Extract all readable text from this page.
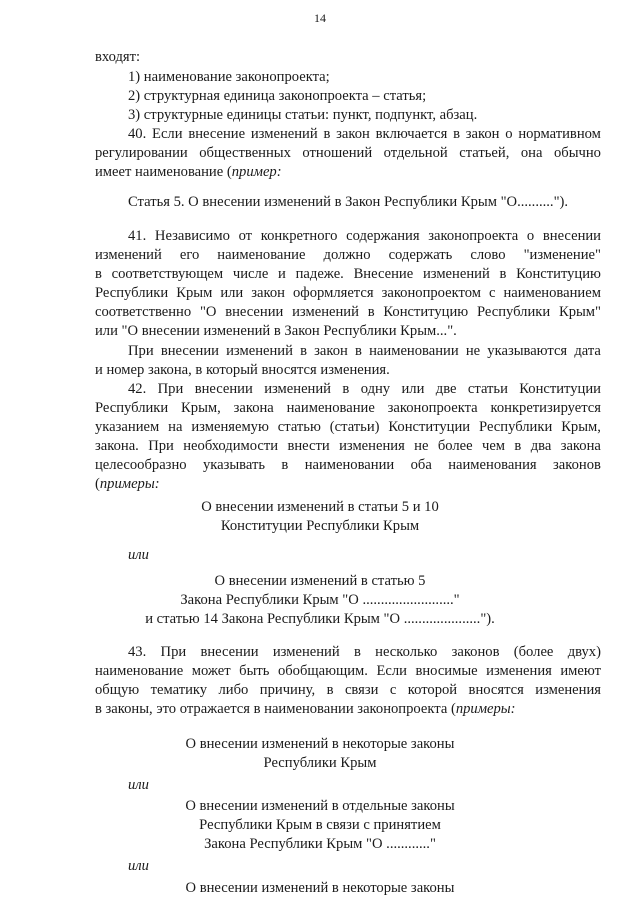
14
входят:
1) наименование законопроекта;
2) структурная единица законопроекта – статья;
3) структурные единицы статьи: пункт, подпункт, абзац.
40. Если внесение изменений в закон включается в закон о нормативном
регулировании общественных отношений отдельной статьей, она обычно
имеет наименование (пример:
Статья 5. О внесении изменений в Закон Республики Крым "О..........").
41. Независимо от конкретного содержания законопроекта о внесении
изменений его наименование должно содержать слово "изменение"
в соответствующем числе и падеже. Внесение изменений в Конституцию
Республики Крым или закон оформляется законопроектом с наименованием
соответственно "О внесении изменений в Конституцию Республики Крым"
или "О внесении изменений в Закон Республики Крым...".
При внесении изменений в закон в наименовании не указываются дата
и номер закона, в который вносятся изменения.
42. При внесении изменений в одну или две статьи Конституции
Республики Крым, закона наименование законопроекта конкретизируется
указанием на изменяемую статью (статьи) Конституции Республики Крым,
закона. При необходимости внести изменения не более чем в два закона
целесообразно указывать в наименовании оба наименования законов
(примеры:
О внесении изменений в статьи 5 и 10
Конституции Республики Крым
или
О внесении изменений в статью 5
Закона Республики Крым "О ........................."
и статью 14 Закона Республики Крым "О .....................").
43. При внесении изменений в несколько законов (более двух)
наименование может быть обобщающим. Если вносимые изменения имеют
общую тематику либо причину, в связи с которой вносятся изменения
в законы, это отражается в наименовании законопроекта (примеры:
О внесении изменений в некоторые законы
Республики Крым
или
О внесении изменений в отдельные законы
Республики Крым в связи с принятием
Закона Республики Крым "О ............"
или
О внесении изменений в некоторые законы
